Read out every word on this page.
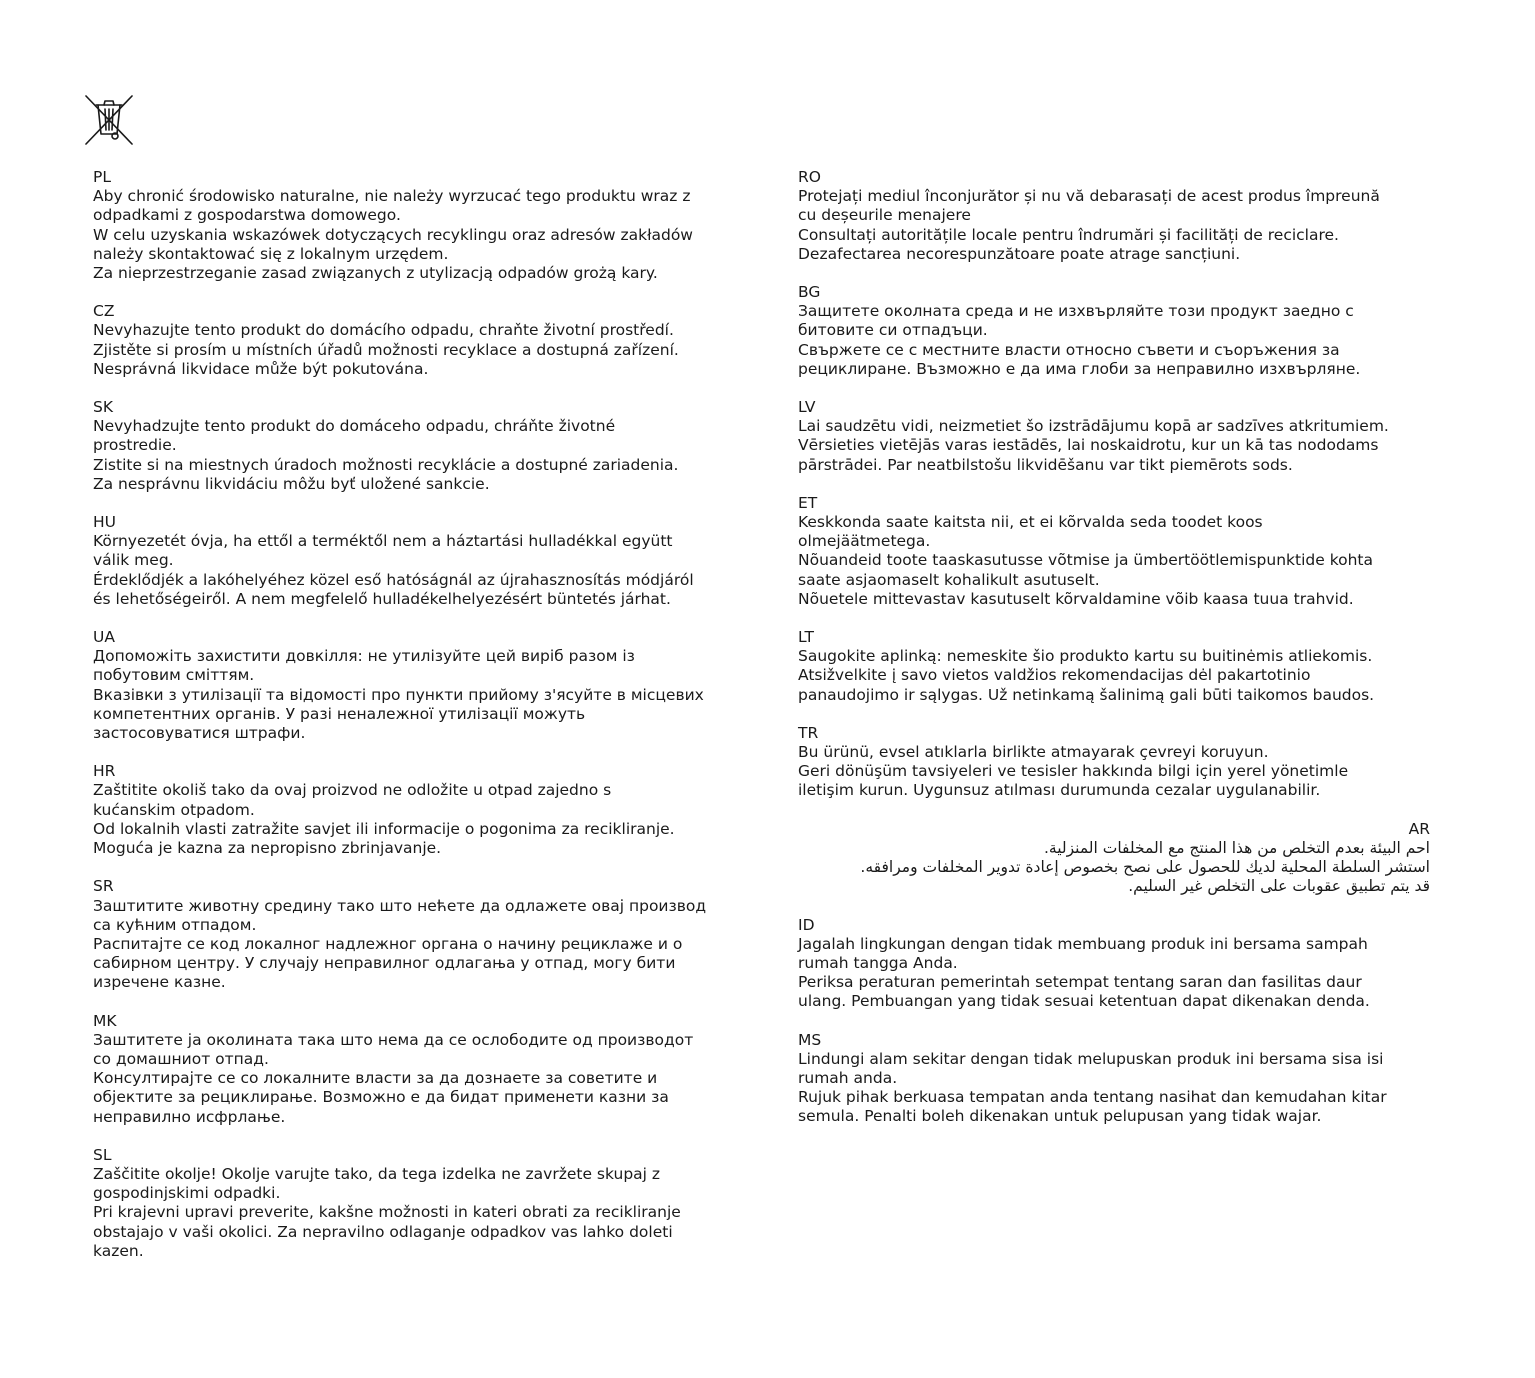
PL

Aby chronić środowisko naturalne, nie należy wyrzucać tego produktu wraz z
odpadkami z gospodarstwa domowego.
W celu uzyskania wskazówek dotyczących recyklingu oraz adresów zakładów
należy skontaktować się z lokalnym urzędem.
Za nieprzestrzeganie zasad związanych z utylizacją odpadów grożą kary.

CZ

Nevyhazujte tento produkt do domácího odpadu, chraňte životní prostředí.
Zjistěte si prosím u místních úřadů možnosti recyklace a dostupná zařízení.
Nesprávná likvidace může být pokutována.

SK

Nevyhadzujte tento produkt do domáceho odpadu, chráňte životné
prostredie.
Zistite si na miestnych úradoch možnosti recyklácie a dostupné zariadenia.
Za nesprávnu likvidáciu môžu byť uložené sankcie.

HU

Környezetét óvja, ha ettől a terméktől nem a háztartási hulladékkal együtt
válik meg.
Érdeklődjék a lakóhelyéhez közel eső hatóságnál az újrahasznosítás módjáról
és lehetőségeiről. A nem megfelelő hulladékelhelyezésért büntetés járhat.

UA

Допоможіть захистити довкілля: не утилізуйте цей виріб разом із
побутовим сміттям.
Вказівки з утилізації та відомості про пункти прийому з'ясуйте в місцевих
компетентних органів. У разі неналежної утилізації можуть
застосовуватися штрафи.

HR

Zaštitite okoliš tako da ovaj proizvod ne odložite u otpad zajedno s
kućanskim otpadom.
Od lokalnih vlasti zatražite savjet ili informacije o pogonima za recikliranje.
Moguća je kazna za nepropisno zbrinjavanje.

SR

Заштитите животну средину тако што нећете да одлажете овај производ
са кућним отпадом.
Распитајте се код локалног надлежног органа о начину рециклаже и о
сабирном центру. У случају неправилног одлагања у отпад, могу бити
изречене казне.

MK

Заштитете ја околината така што нема да се ослободите од производот
со домашниот отпад.
Консултирајте се со локалните власти за да дознаете за советите и
објектите за рециклирање. Возможно е да бидат применети казни за
неправилно исфрлање.

SL

Zaščitite okolje! Okolje varujte tako, da tega izdelka ne zavržete skupaj z
gospodinjskimi odpadki.
Pri krajevni upravi preverite, kakšne možnosti in kateri obrati za recikliranje
obstajajo v vaši okolici. Za nepravilno odlaganje odpadkov vas lahko doleti
kazen.

RO

Protejați mediul înconjurător și nu vă debarasați de acest produs împreună
cu deșeurile menajere
Consultați autoritățile locale pentru îndrumări și facilități de reciclare.
Dezafectarea necorespunzătoare poate atrage sancțiuni.

BG

Защитете околната среда и не изхвърляйте този продукт заедно с
битовите си отпадъци.
Свържете се с местните власти относно съвети и съоръжения за
рециклиране. Възможно е да има глоби за неправилно изхвърляне.

LV

Lai saudzētu vidi, neizmetiet šo izstrādājumu kopā ar sadzīves atkritumiem.
Vērsieties vietējās varas iestādēs, lai noskaidrotu, kur un kā tas nododams
pārstrādei. Par neatbilstošu likvidēšanu var tikt piemērots sods.

ET

Keskkonda saate kaitsta nii, et ei kõrvalda seda toodet koos
olmejäätmetega.
Nõuandeid toote taaskasutusse võtmise ja ümbertöötlemispunktide kohta
saate asjaomaselt kohalikult asutuselt.
Nõuetele mittevastav kasutuselt kõrvaldamine võib kaasa tuua trahvid.

LT

Saugokite aplinką: nemeskite šio produkto kartu su buitinėmis atliekomis.
Atsižvelkite į savo vietos valdžios rekomendacijas dėl pakartotinio
panaudojimo ir sąlygas. Už netinkamą šalinimą gali būti taikomos baudos.

TR

Bu ürünü, evsel atıklarla birlikte atmayarak çevreyi koruyun.
Geri dönüşüm tavsiyeleri ve tesisler hakkında bilgi için yerel yönetimle
iletişim kurun. Uygunsuz atılması durumunda cezalar uygulanabilir.

AR

احم البيئة بعدم التخلص من هذا المنتج مع المخلفات المنزلية.
استشر السلطة المحلية لديك للحصول على نصح بخصوص إعادة تدوير المخلفات ومرافقه.
قد يتم تطبيق عقوبات على التخلص غير السليم.

ID

Jagalah lingkungan dengan tidak membuang produk ini bersama sampah
rumah tangga Anda.
Periksa peraturan pemerintah setempat tentang saran dan fasilitas daur
ulang. Pembuangan yang tidak sesuai ketentuan dapat dikenakan denda.

MS

Lindungi alam sekitar dengan tidak melupuskan produk ini bersama sisa isi
rumah anda.
Rujuk pihak berkuasa tempatan anda tentang nasihat dan kemudahan kitar
semula. Penalti boleh dikenakan untuk pelupusan yang tidak wajar.
